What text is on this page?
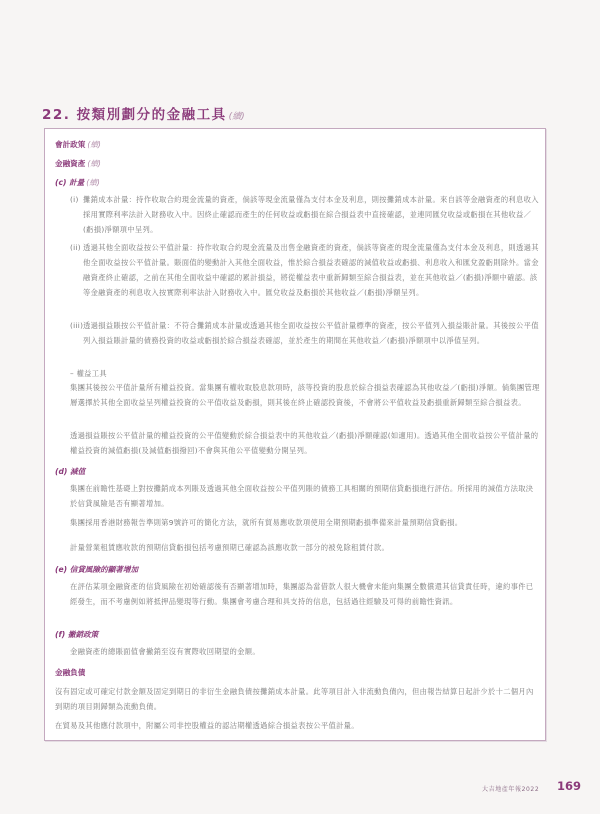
22. 按類別劃分的金融工具 (續)
會計政策 (續)
金融資產 (續)
(c) 計量 (續)
(i) 攤銷成本計量：持作收取合約現金流量的資產，倘該等現金流量僅為支付本金及利息，則按攤銷成本計量。來自該等金融資產的利息收入採用實際利率法計入財務收入中。因終止確認而產生的任何收益或虧損在綜合損益表中直接確認，並連同匯兌收益或虧損在其他收益／(虧損)淨額項中呈列。
(ii) 透過其他全面收益按公平值計量：持作收取合約現金流量及出售金融資產的資產，倘該等資產的現金流量僅為支付本金及利息，則透過其他全面收益按公平值計量。賬面值的變動計入其他全面收益，惟於綜合損益表確認的減值收益或虧損、利息收入和匯兌盈虧則除外。當金融資產終止確認，之前在其他全面收益中確認的累計損益，將從權益表中重新歸類至綜合損益表，並在其他收益／(虧損)淨額中確認。該等金融資產的利息收入按實際利率法計入財務收入中。匯兌收益及虧損於其他收益／(虧損)淨額呈列。
(iii) 透過損益賬按公平值計量：不符合攤銷成本計量或透過其他全面收益按公平值計量標準的資產，按公平值列入損益賬計量。其後按公平值列入損益賬計量的債務投資的收益或虧損於綜合損益表確認，並於產生的期間在其他收益／(虧損)淨額項中以淨值呈列。
– 權益工具
集團其後按公平值計量所有權益投資。當集團有權收取股息款項時，該等投資的股息於綜合損益表確認為其他收益／(虧損)淨額。倘集團管理層選擇於其他全面收益呈列權益投資的公平值收益及虧損，則其後在終止確認投資後，不會將公平值收益及虧損重新歸類至綜合損益表。
透過損益賬按公平值計量的權益投資的公平值變動於綜合損益表中的其他收益／(虧損)淨額確認(如適用)。透過其他全面收益按公平值計量的權益投資的減值虧損(及減值虧損撥回)不會與其他公平值變動分開呈列。
(d) 減值
集團在前瞻性基礎上對按攤銷成本列賬及透過其他全面收益按公平值列賬的債務工具相關的預期信貸虧損進行評估。所採用的減值方法取決於信貸風險是否有顯著增加。
集團採用香港財務報告準則第9號許可的簡化方法，就所有貿易應收款項使用全期預期虧損準備來計量預期信貸虧損。
計量營業租賃應收款的預期信貸虧損包括考慮預期已確認為該應收款一部分的被免除租賃付款。
(e) 信貸風險的顯著增加
在評估某項金融資產的信貸風險在初始確認後有否顯著增加時，集團認為當借款人很大機會未能向集團全數償還其信貸責任時，違約事件已經發生，而不考慮例如將抵押品變現等行動。集團會考慮合理和具支持的信息，包括過往經驗及可得的前瞻性資訊。
(f) 撇銷政策
金融資產的總賬面值會撇銷至沒有實際收回期望的金額。
金融負債
沒有固定或可確定付款金額及固定到期日的非衍生金融負債按攤銷成本計量。此等項目計入非流動負債內，但由報告結算日起計少於十二個月內到期的項目則歸類為流動負債。
在貿易及其他應付款項中，附屬公司非控股權益的認沽期權透過綜合損益表按公平值計量。
大吉地產年報2022 169
